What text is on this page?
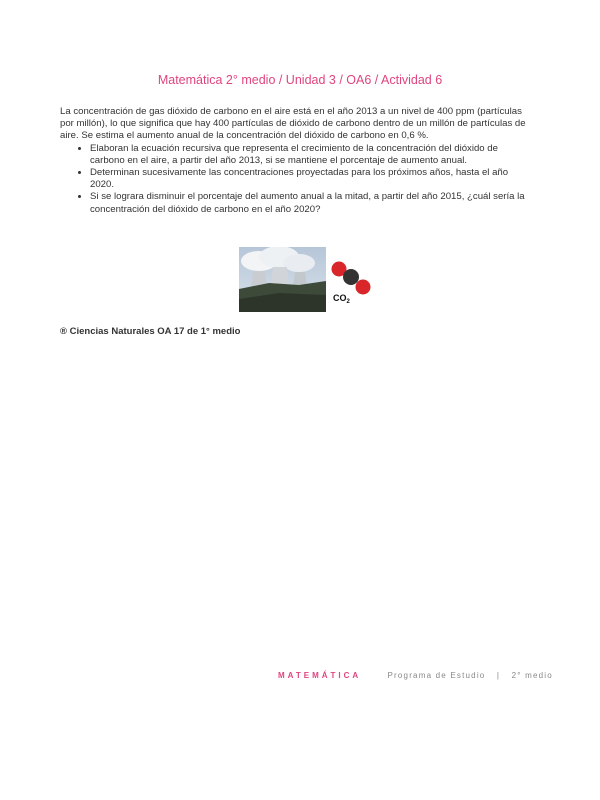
Matemática 2° medio / Unidad 3 / OA6 / Actividad 6

La concentración de gas dióxido de carbono en el aire está en el año 2013 a un nivel de 400 ppm (partículas por millón), lo que significa que hay 400 partículas de dióxido de carbono dentro de un millón de partículas de aire. Se estima el aumento anual de la concentración del dióxido de carbono en 0,6 %.

• Elaboran la ecuación recursiva que representa el crecimiento de la concentración del dióxido de carbono en el aire, a partir del año 2013, si se mantiene el porcentaje de aumento anual.
• Determinan sucesivamente las concentraciones proyectadas para los próximos años, hasta el año 2020.
• Si se lograra disminuir el porcentaje del aumento anual a la mitad, a partir del año 2015, ¿cuál sería la concentración del dióxido de carbono en el año 2020?
$CO_2$
® Ciencias Naturales OA 17 de 1° medio
MATEMÁTICA	Programa de Estudio | 2° medio
